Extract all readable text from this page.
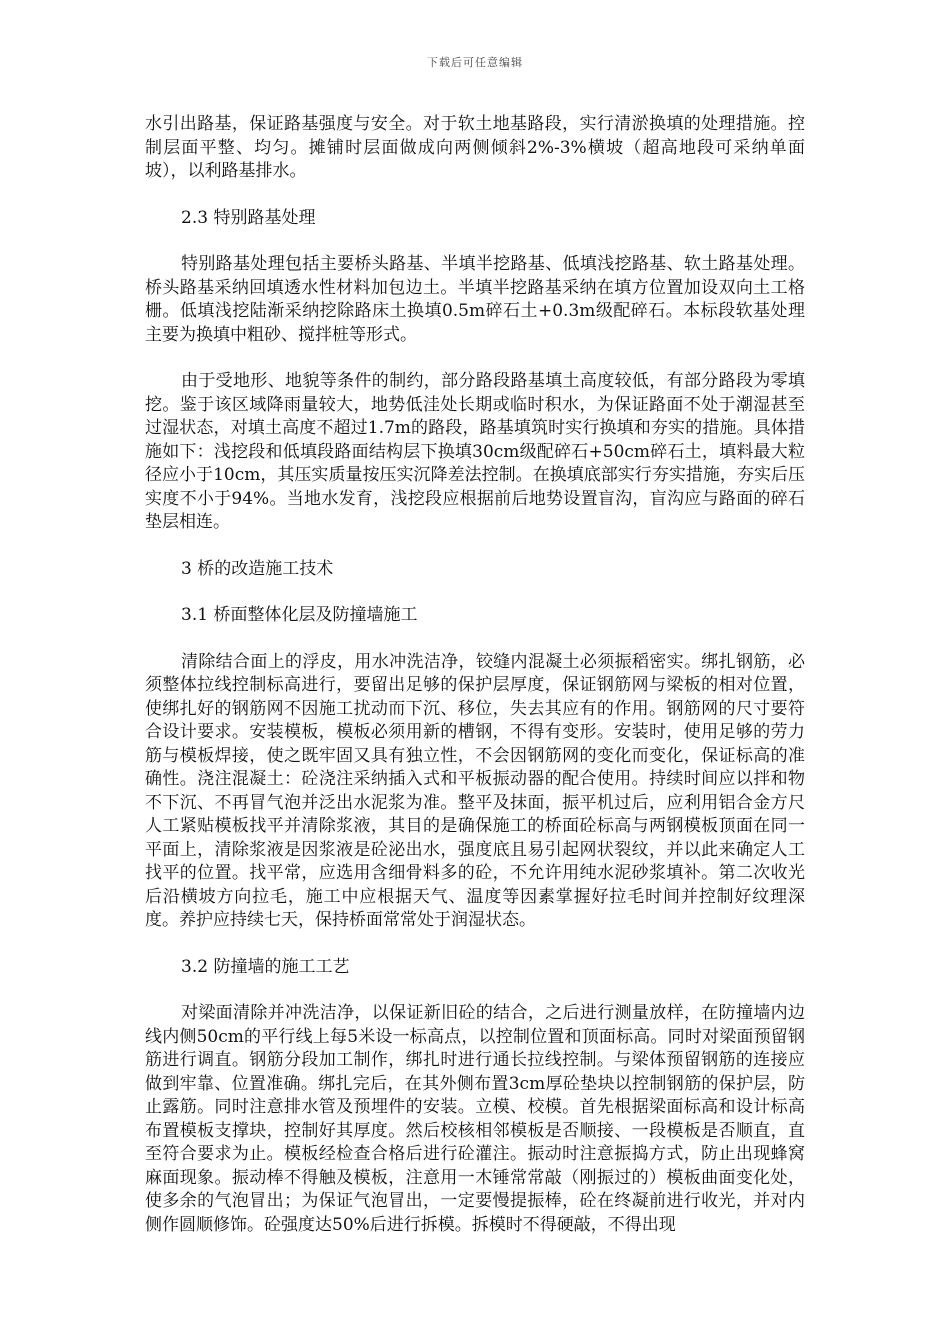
下载后可任意编辑

水引出路基，保证路基强度与安全。对于软土地基路段，实行清淤换填的处理措施。控制层面平整、均匀。摊铺时层面做成向两侧倾斜2%-3%横坡（超高地段可采纳单面坡），以利路基排水。

2.3 特别路基处理

特别路基处理包括主要桥头路基、半填半挖路基、低填浅挖路基、软土路基处理。桥头路基采纳回填透水性材料加包边土。半填半挖路基采纳在填方位置加设双向土工格栅。低填浅挖陆渐采纳挖除路床土换填0.5m碎石土+0.3m级配碎石。本标段软基处理主要为换填中粗砂、搅拌桩等形式。

由于受地形、地貌等条件的制约，部分路段路基填土高度较低，有部分路段为零填挖。鉴于该区域降雨量较大，地势低洼处长期或临时积水，为保证路面不处于潮湿甚至过湿状态，对填土高度不超过1.7m的路段，路基填筑时实行换填和夯实的措施。具体措施如下：浅挖段和低填段路面结构层下换填30cm级配碎石+50cm碎石土，填料最大粒径应小于10cm，其压实质量按压实沉降差法控制。在换填底部实行夯实措施，夯实后压实度不小于94%。当地水发育，浅挖段应根据前后地势设置盲沟，盲沟应与路面的碎石垫层相连。

3 桥的改造施工技术
3.1 桥面整体化层及防撞墙施工

清除结合面上的浮皮，用水冲洗洁净，铰缝内混凝土必须振稻密实。绑扎钢筋，必须整体拉线控制标高进行，要留出足够的保护层厚度，保证钢筋网与梁板的相对位置，使绑扎好的钢筋网不因施工扰动而下沉、移位，失去其应有的作用。钢筋网的尺寸要符合设计要求。安装模板，模板必须用新的槽钢，不得有变形。安装时，使用足够的劳力筋与模板焊接，使之既牢固又具有独立性，不会因钢筋网的变化而变化，保证标高的准确性。浇注混凝土：砼浇注采纳插入式和平板振动器的配合使用。持续时间应以拌和物不下沉、不再冒气泡并泛出水泥浆为准。整平及抹面，振平机过后，应利用铝合金方尺人工紧贴模板找平并清除浆液，其目的是确保施工的桥面砼标高与两钢模板顶面在同一平面上，清除浆液是因浆液是砼泌出水，强度底且易引起网状裂纹，并以此来确定人工找平的位置。找平常，应选用含细骨料多的砼，不允许用纯水泥砂浆填补。第二次收光后沿横坡方向拉毛，施工中应根据天气、温度等因素掌握好拉毛时间并控制好纹理深度。养护应持续七天，保持桥面常常处于润湿状态。

3.2 防撞墙的施工工艺

对梁面清除并冲洗洁净，以保证新旧砼的结合，之后进行测量放样，在防撞墙内边线内侧50cm的平行线上每5米设一标高点，以控制位置和顶面标高。同时对梁面预留钢筋进行调直。钢筋分段加工制作，绑扎时进行通长拉线控制。与梁体预留钢筋的连接应做到牢靠、位置准确。绑扎完后，在其外侧布置3cm厚砼垫块以控制钢筋的保护层，防止露筋。同时注意排水管及预埋件的安装。立模、校模。首先根据梁面标高和设计标高布置模板支撑块，控制好其厚度。然后校核相邻模板是否顺接、一段模板是否顺直，直至符合要求为止。模板经检查合格后进行砼灌注。振动时注意振捣方式，防止出现蜂窝麻面现象。振动棒不得触及模板，注意用一木锤常常敲（刚振过的）模板曲面变化处，使多余的气泡冒出；为保证气泡冒出，一定要慢提振棒，砼在终凝前进行收光，并对内侧作圆顺修饰。砼强度达50%后进行拆模。拆模时不得硬敲，不得出现
